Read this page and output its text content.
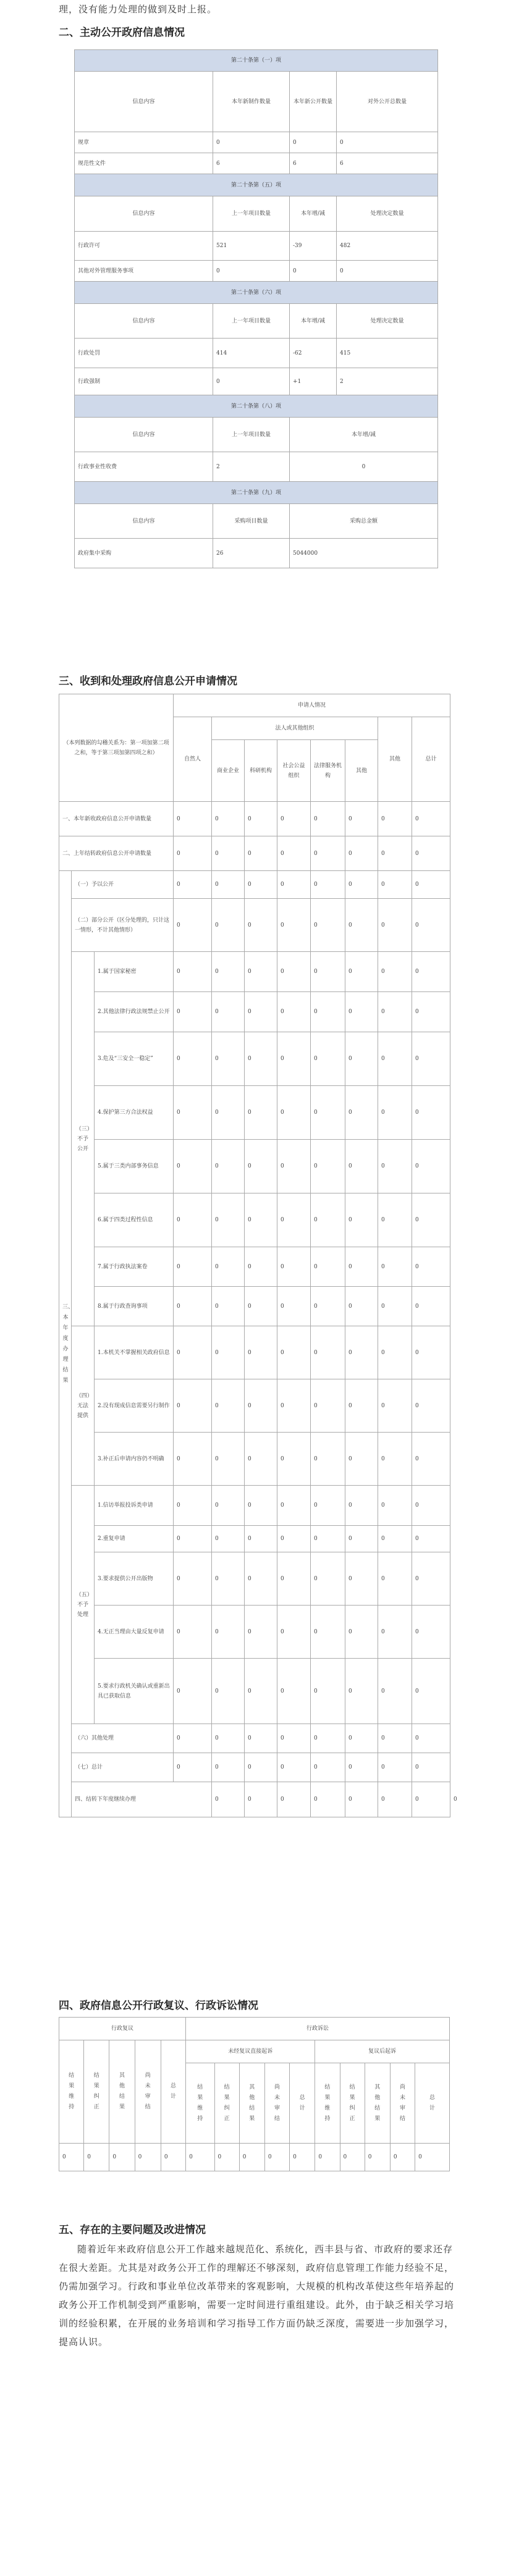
理，没有能力处理的做到及时上报。

二、主动公开政府信息情况
第二十条第（一）项			
信息内容	本年新制作数量	本年新公开数量	对外公开总数量
规章	0	0	0
规范性文件	6	6	6
第二十条第（五）项			
信息内容	上一年项目数量	本年增/减	处理决定数量
行政许可	521	-39	482
其他对外管理服务事项	0	0	0
第二十条第（六）项			
信息内容	上一年项目数量	本年增/减	处理决定数量
行政处罚	414	-62	415
行政强制	0	+1	2
第二十条第（八）项			
信息内容	上一年项目数量	本年增/减	
行政事业性收费	2	0	
第二十条第（九）项			
信息内容	采购项目数量	采购总金额	
政府集中采购	26	5044000	
三、收到和处理政府信息公开申请情况
（本列数据的勾稽关系为：第一项加第二项之和，等于第三项加第四项之和）			申请人情况								
			自然人	法人或其他组织					其他	总计	
				商业企业	科研机构	社会公益组织	法律服务机构	其他			
一、本年新收政府信息公开申请数量			0	0	0	0	0	0	0	0	
二、上年结转政府信息公开申请数量			0	0	0	0	0	0	0	0	
三、本年度办理结果	（一）予以公开		0	0	0	0	0	0	0	0	
	（二）部分公开（区分处理的，只计这一情形，不计其他情形）		0	0	0	0	0	0	0	0	
	（三）不予公开	1.属于国家秘密	0	0	0	0	0	0	0	0	
		2.其他法律行政法规禁止公开	0	0	0	0	0	0	0	0	
		3.危及“三安全一稳定”	0	0	0	0	0	0	0	0	
		4.保护第三方合法权益	0	0	0	0	0	0	0	0	
		5.属于三类内部事务信息	0	0	0	0	0	0	0	0	
		6.属于四类过程性信息	0	0	0	0	0	0	0	0	
		7.属于行政执法案卷	0	0	0	0	0	0	0	0	
		8.属于行政查询事项	0	0	0	0	0	0	0	0	
	（四）无法提供	1.本机关不掌握相关政府信息	0	0	0	0	0	0	0	0	
		2.没有现成信息需要另行制作	0	0	0	0	0	0	0	0	
		3.补正后申请内容仍不明确	0	0	0	0	0	0	0	0	
	（五）不予处理	1.信访举报投诉类申请	0	0	0	0	0	0	0	0	
		2.重复申请	0	0	0	0	0	0	0	0	
		3.要求提供公开出版物	0	0	0	0	0	0	0	0	
		4.无正当理由大量反复申请	0	0	0	0	0	0	0	0	
		5.要求行政机关确认或重新出具已获取信息	0	0	0	0	0	0	0	0	
	（六）其他处理		0	0	0	0	0	0	0	0	
	（七）总计		0	0	0	0	0	0	0	0	
	四、结转下年度继续办理			0	0	0	0	0	0	0	0
四、政府信息公开行政复议、行政诉讼情况
行政复议					行政诉讼									
结果维持	结果纠正	其他结果	尚未审结	总计	未经复议直接起诉					复议后起诉				
					结果维持	结果纠正	其他结果	尚未审结	总计	结果维持	结果纠正	其他结果	尚未审结	总计
0	0	0	0	0	0	0	0	0	0	0	0	0	0	0
五、存在的主要问题及改进情况

随着近年来政府信息公开工作越来越规范化、系统化，西丰县与省、市政府的要求还存在很大差距。尤其是对政务公开工作的理解还不够深刻，政府信息管理工作能力经验不足，仍需加强学习。行政和事业单位改革带来的客观影响，大规模的机构改革使这些年培养起的政务公开工作机制受到严重影响，需要一定时间进行重组建设。此外，由于缺乏相关学习培训的经验积累，在开展的业务培训和学习指导工作方面仍缺乏深度，需要进一步加强学习，提高认识。
